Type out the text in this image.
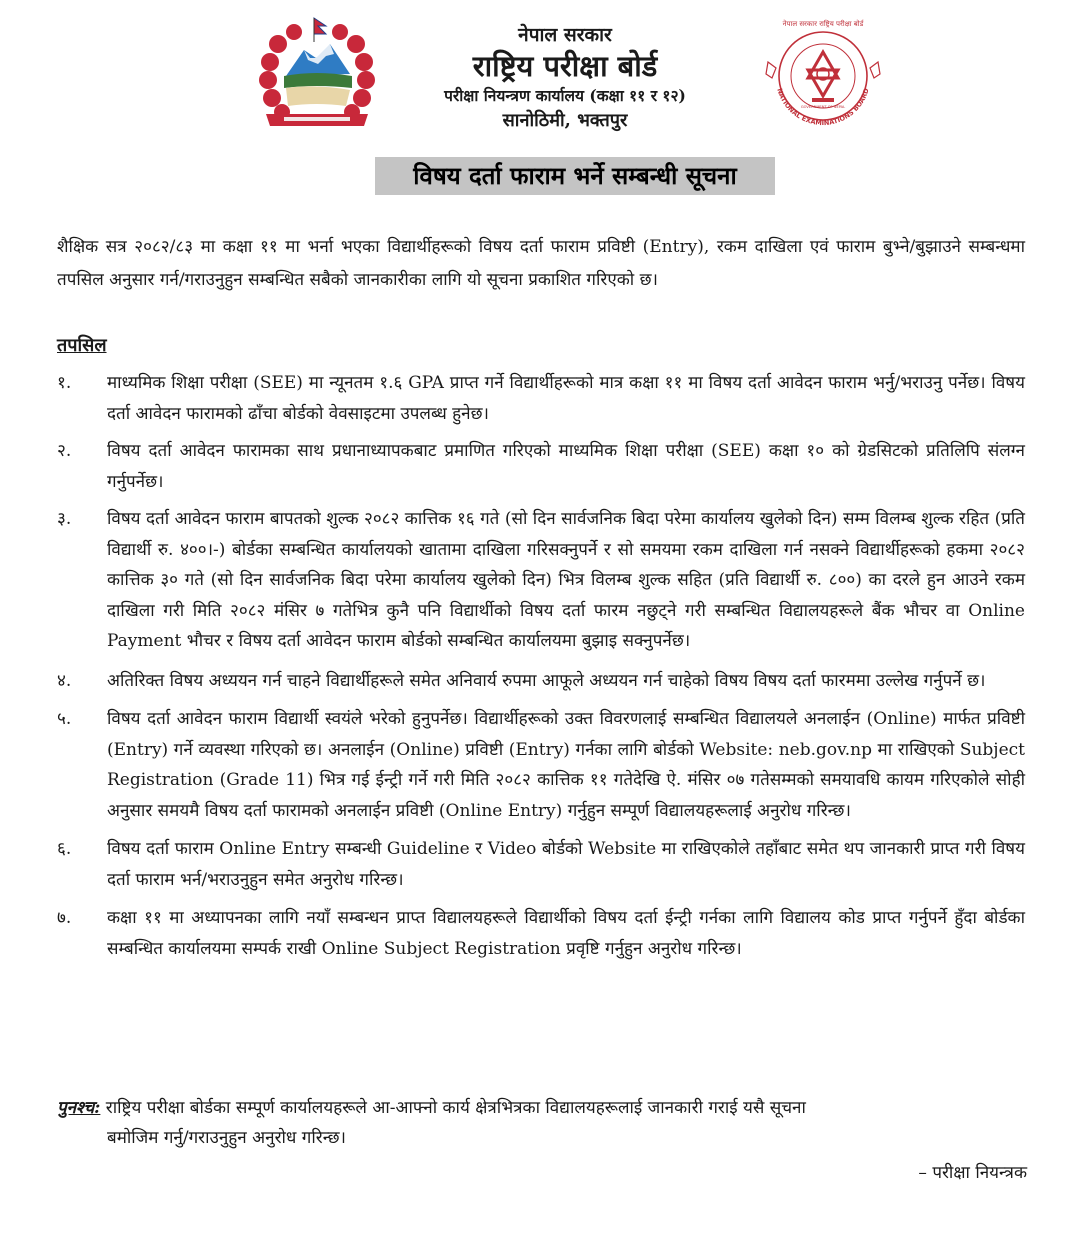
नेपाल सरकार
राष्ट्रिय परीक्षा बोर्ड
परीक्षा नियन्त्रण कार्यालय (कक्षा ११ र १२)
सानोठिमी, भक्तपुर
नेपाल सरकार राष्ट्रिय परीक्षा बोर्ड
NATIONAL EXAMINATIONS BOARD
GOVERNMENT OF NEPAL
विषय दर्ता फाराम भर्ने सम्बन्धी सूचना
शैक्षिक सत्र २०८२/८३ मा कक्षा ११ मा भर्ना भएका विद्यार्थीहरूको विषय दर्ता फाराम प्रविष्टी (Entry), रकम दाखिला एवं फाराम बुभ्ने/बुझाउने सम्बन्धमा तपसिल अनुसार गर्न/गराउनुहुन सम्बन्धित सबैको जानकारीका लागि यो सूचना प्रकाशित गरिएको छ।
तपसिल
१.	माध्यमिक शिक्षा परीक्षा (SEE) मा न्यूनतम १.६ GPA प्राप्त गर्ने विद्यार्थीहरूको मात्र कक्षा ११ मा विषय दर्ता आवेदन फाराम भर्नु/भराउनु पर्नेछ। विषय दर्ता आवेदन फारामको ढाँचा बोर्डको वेवसाइटमा उपलब्ध हुनेछ।
२.	विषय दर्ता आवेदन फारामका साथ प्रधानाध्यापकबाट प्रमाणित गरिएको माध्यमिक शिक्षा परीक्षा (SEE) कक्षा १० को ग्रेडसिटको प्रतिलिपि संलग्न गर्नुपर्नेछ।
३.	विषय दर्ता आवेदन फाराम बापतको शुल्क २०८२ कात्तिक १६ गते (सो दिन सार्वजनिक बिदा परेमा कार्यालय खुलेको दिन) सम्म विलम्ब शुल्क रहित (प्रति विद्यार्थी रु. ४००।-) बोर्डका सम्बन्धित कार्यालयको खातामा दाखिला गरिसक्नुपर्ने र सो समयमा रकम दाखिला गर्न नसक्ने विद्यार्थीहरूको हकमा २०८२ कात्तिक ३० गते (सो दिन सार्वजनिक बिदा परेमा कार्यालय खुलेको दिन) भित्र विलम्ब शुल्क सहित (प्रति विद्यार्थी रु. ८००) का दरले हुन आउने रकम दाखिला गरी मिति २०८२ मंसिर ७ गतेभित्र कुनै पनि विद्यार्थीको विषय दर्ता फारम नछुट्ने गरी सम्बन्धित विद्यालयहरूले बैंक भौचर वा Online Payment भौचर र विषय दर्ता आवेदन फाराम बोर्डको सम्बन्धित कार्यालयमा बुझाइ सक्नुपर्नेछ।
४.	अतिरिक्त विषय अध्ययन गर्न चाहने विद्यार्थीहरूले समेत अनिवार्य रुपमा आफूले अध्ययन गर्न चाहेको विषय विषय दर्ता फारममा उल्लेख गर्नुपर्ने छ।
५.	विषय दर्ता आवेदन फाराम विद्यार्थी स्वयंले भरेको हुनुपर्नेछ। विद्यार्थीहरूको उक्त विवरणलाई सम्बन्धित विद्यालयले अनलाईन (Online) मार्फत प्रविष्टी (Entry) गर्ने व्यवस्था गरिएको छ। अनलाईन (Online) प्रविष्टी (Entry) गर्नका लागि बोर्डको Website: neb.gov.np मा राखिएको Subject Registration (Grade 11) भित्र गई ईन्ट्री गर्ने गरी मिति २०८२ कात्तिक ११ गतेदेखि ऐ. मंसिर ०७ गतेसम्मको समयावधि कायम गरिएकोले सोही अनुसार समयमै विषय दर्ता फारामको अनलाईन प्रविष्टी (Online Entry) गर्नुहुन सम्पूर्ण विद्यालयहरूलाई अनुरोध गरिन्छ।
६.	विषय दर्ता फाराम Online Entry सम्बन्धी Guideline र Video बोर्डको Website मा राखिएकोले तहाँबाट समेत थप जानकारी प्राप्त गरी विषय दर्ता फाराम भर्न/भराउनुहुन समेत अनुरोध गरिन्छ।
७.	कक्षा ११ मा अध्यापनका लागि नयाँ सम्बन्धन प्राप्त विद्यालयहरूले विद्यार्थीको विषय दर्ता ईन्ट्री गर्नका लागि विद्यालय कोड प्राप्त गर्नुपर्ने हुँदा बोर्डका सम्बन्धित कार्यालयमा सम्पर्क राखी Online Subject Registration प्रवृष्टि गर्नुहुन अनुरोध गरिन्छ।
पुनश्च: राष्ट्रिय परीक्षा बोर्डका सम्पूर्ण कार्यालयहरूले आ-आफ्नो कार्य क्षेत्रभित्रका विद्यालयहरूलाई जानकारी गराई यसै सूचना
बमोजिम गर्नु/गराउनुहुन अनुरोध गरिन्छ।
– परीक्षा नियन्त्रक
